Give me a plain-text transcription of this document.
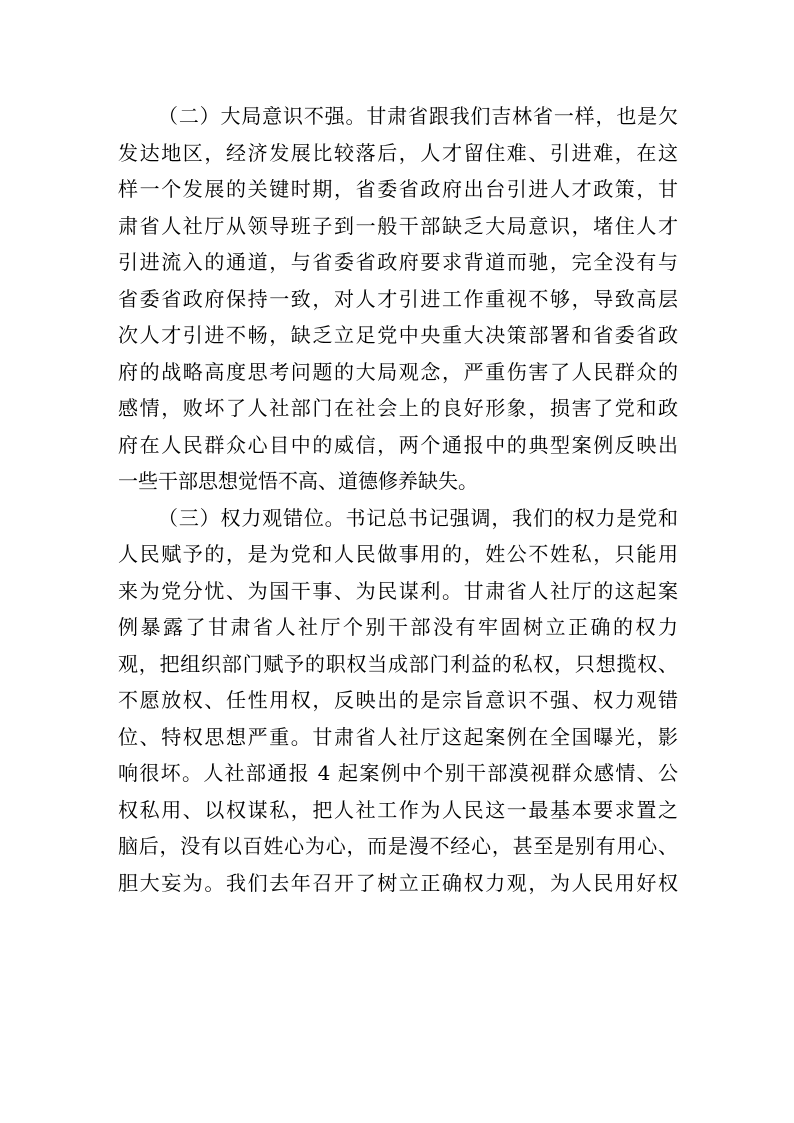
（二）大局意识不强。甘肃省跟我们吉林省一样，也是欠
发达地区，经济发展比较落后，人才留住难、引进难，在这
样一个发展的关键时期，省委省政府出台引进人才政策，甘
肃省人社厅从领导班子到一般干部缺乏大局意识，堵住人才
引进流入的通道，与省委省政府要求背道而驰，完全没有与
省委省政府保持一致，对人才引进工作重视不够，导致高层
次人才引进不畅，缺乏立足党中央重大决策部署和省委省政
府的战略高度思考问题的大局观念，严重伤害了人民群众的
感情，败坏了人社部门在社会上的良好形象，损害了党和政
府在人民群众心目中的威信，两个通报中的典型案例反映出
一些干部思想觉悟不高、道德修养缺失。
（三）权力观错位。书记总书记强调，我们的权力是党和
人民赋予的，是为党和人民做事用的，姓公不姓私，只能用
来为党分忧、为国干事、为民谋利。甘肃省人社厅的这起案
例暴露了甘肃省人社厅个别干部没有牢固树立正确的权力
观，把组织部门赋予的职权当成部门利益的私权，只想揽权、
不愿放权、任性用权，反映出的是宗旨意识不强、权力观错
位、特权思想严重。甘肃省人社厅这起案例在全国曝光，影
响很坏。人社部通报 4 起案例中个别干部漠视群众感情、公
权私用、以权谋私，把人社工作为人民这一最基本要求置之
脑后，没有以百姓心为心，而是漫不经心，甚至是别有用心、
胆大妄为。我们去年召开了树立正确权力观，为人民用好权
